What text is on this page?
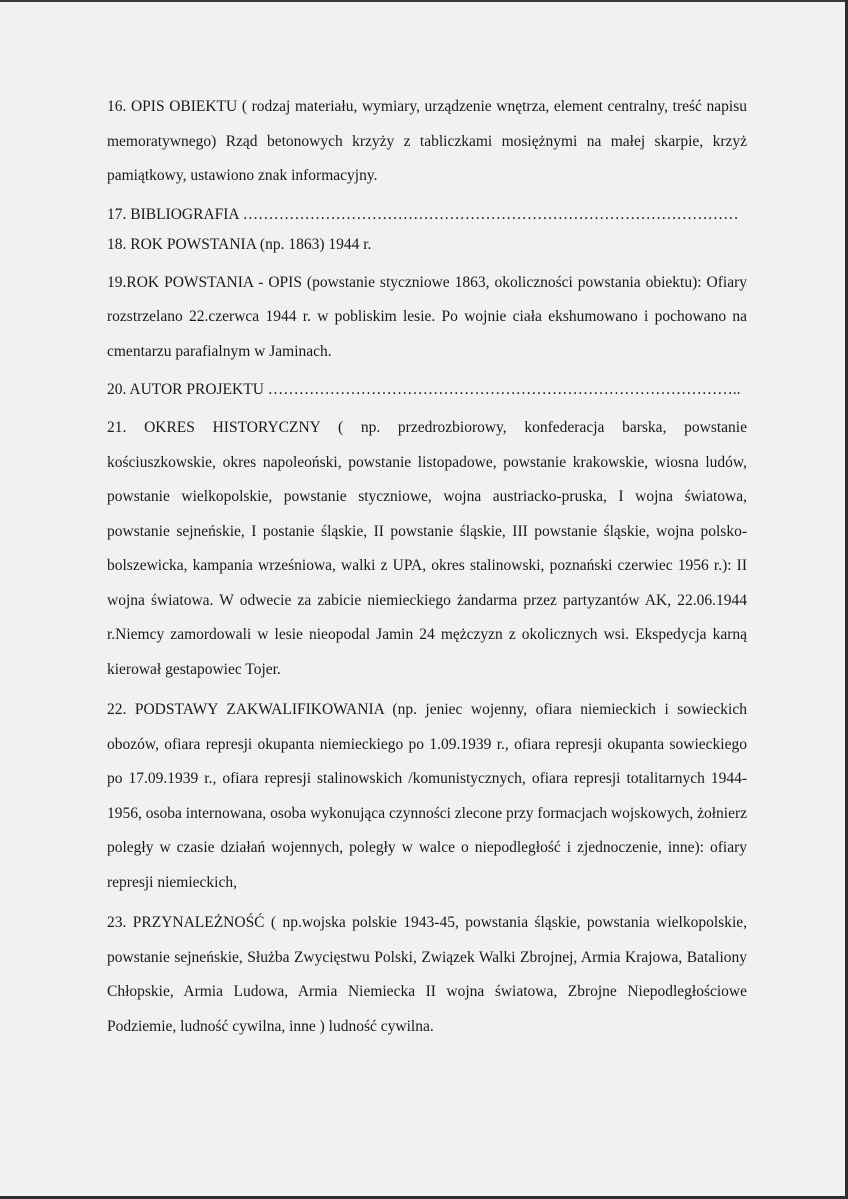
16. OPIS OBIEKTU ( rodzaj materiału, wymiary, urządzenie wnętrza, element centralny, treść napisu memoratywnego) Rząd betonowych krzyży z tabliczkami mosiężnymi na małej skarpie, krzyż pamiątkowy, ustawiono znak informacyjny.

17. BIBLIOGRAFIA ……………………………………………………………………………………

18. ROK POWSTANIA (np. 1863) 1944 r.

19.ROK POWSTANIA - OPIS (powstanie styczniowe 1863, okoliczności powstania obiektu): Ofiary rozstrzelano 22.czerwca 1944 r. w pobliskim lesie. Po wojnie ciała ekshumowano i pochowano na cmentarzu parafialnym w Jaminach.

20. AUTOR PROJEKTU ………………………………………………………………………………..

21. OKRES HISTORYCZNY ( np. przedrozbiorowy, konfederacja barska, powstanie kościuszkowskie, okres napoleoński, powstanie listopadowe, powstanie krakowskie, wiosna ludów, powstanie wielkopolskie, powstanie styczniowe, wojna austriacko-pruska, I wojna światowa, powstanie sejneńskie, I postanie śląskie, II powstanie śląskie, III powstanie śląskie, wojna polsko-bolszewicka, kampania wrześniowa, walki z UPA, okres stalinowski, poznański czerwiec 1956 r.): II wojna światowa. W odwecie za zabicie niemieckiego żandarma przez partyzantów AK, 22.06.1944 r.Niemcy zamordowali w lesie nieopodal Jamin 24 mężczyzn z okolicznych wsi. Ekspedycja karną kierował gestapowiec Tojer.

22. PODSTAWY ZAKWALIFIKOWANIA (np. jeniec wojenny, ofiara niemieckich i sowieckich obozów, ofiara represji okupanta niemieckiego po 1.09.1939 r., ofiara represji okupanta sowieckiego po 17.09.1939 r., ofiara represji stalinowskich /komunistycznych, ofiara represji totalitarnych 1944-1956, osoba internowana, osoba wykonująca czynności zlecone przy formacjach wojskowych, żołnierz poległy w czasie działań wojennych, poległy w walce o niepodległość i zjednoczenie, inne): ofiary represji niemieckich,

23. PRZYNALEŻNOŚĆ ( np.wojska polskie 1943-45, powstania śląskie, powstania wielkopolskie, powstanie sejneńskie, Służba Zwycięstwu Polski, Związek Walki Zbrojnej, Armia Krajowa, Bataliony Chłopskie, Armia Ludowa, Armia Niemiecka II wojna światowa, Zbrojne Niepodległościowe Podziemie, ludność cywilna, inne ) ludność cywilna.
